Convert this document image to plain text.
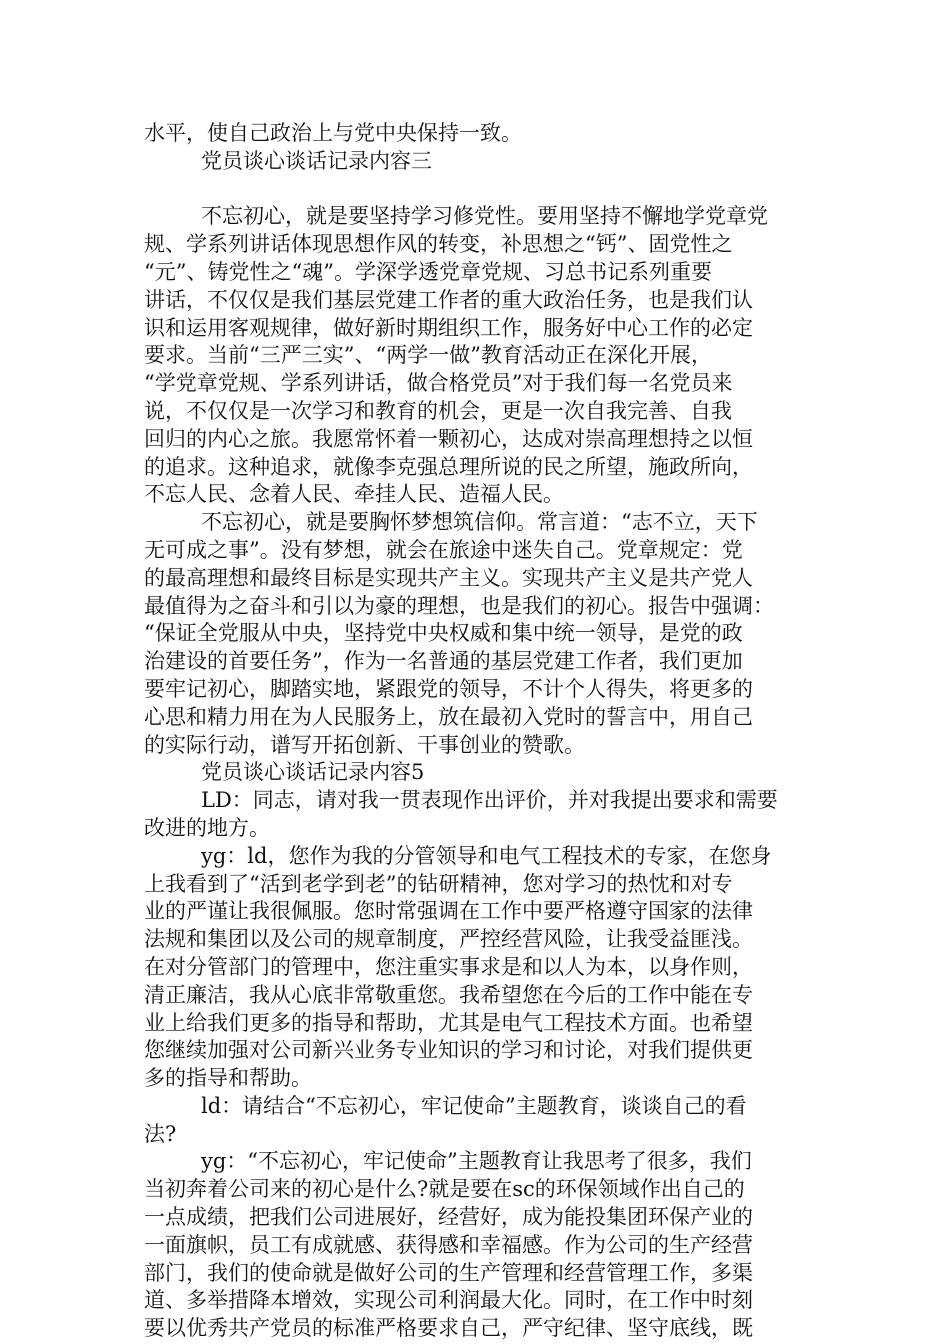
水平，使自己政治上与党中央保持一致。
党员谈心谈话记录内容三
不忘初心，就是要坚持学习修党性。要用坚持不懈地学党章党
规、学系列讲话体现思想作风的转变，补思想之“钙”、固党性之
“元”、铸党性之“魂”。学深学透党章党规、习总书记系列重要
讲话，不仅仅是我们基层党建工作者的重大政治任务，也是我们认
识和运用客观规律，做好新时期组织工作，服务好中心工作的必定
要求。当前“三严三实”、“两学一做”教育活动正在深化开展，
“学党章党规、学系列讲话，做合格党员”对于我们每一名党员来
说，不仅仅是一次学习和教育的机会，更是一次自我完善、自我
回归的内心之旅。我愿常怀着一颗初心，达成对崇高理想持之以恒
的追求。这种追求，就像李克强总理所说的民之所望，施政所向，
不忘人民、念着人民、牵挂人民、造福人民。
不忘初心，就是要胸怀梦想筑信仰。常言道：“志不立，天下
无可成之事”。没有梦想，就会在旅途中迷失自己。党章规定：党
的最高理想和最终目标是实现共产主义。实现共产主义是共产党人
最值得为之奋斗和引以为豪的理想，也是我们的初心。报告中强调：
“保证全党服从中央，坚持党中央权威和集中统一领导，是党的政
治建设的首要任务”，作为一名普通的基层党建工作者，我们更加
要牢记初心，脚踏实地，紧跟党的领导，不计个人得失，将更多的
心思和精力用在为人民服务上，放在最初入党时的誓言中，用自己
的实际行动，谱写开拓创新、干事创业的赞歌。
党员谈心谈话记录内容5
LD：同志，请对我一贯表现作出评价，并对我提出要求和需要
改进的地方。
yg：ld，您作为我的分管领导和电气工程技术的专家，在您身
上我看到了“活到老学到老”的钻研精神，您对学习的热忱和对专
业的严谨让我很佩服。您时常强调在工作中要严格遵守国家的法律
法规和集团以及公司的规章制度，严控经营风险，让我受益匪浅。
在对分管部门的管理中，您注重实事求是和以人为本，以身作则，
清正廉洁，我从心底非常敬重您。我希望您在今后的工作中能在专
业上给我们更多的指导和帮助，尤其是电气工程技术方面。也希望
您继续加强对公司新兴业务专业知识的学习和讨论，对我们提供更
多的指导和帮助。
ld：请结合“不忘初心，牢记使命”主题教育，谈谈自己的看
法?
yg：“不忘初心，牢记使命”主题教育让我思考了很多，我们
当初奔着公司来的初心是什么?就是要在sc的环保领域作出自己的
一点成绩，把我们公司进展好，经营好，成为能投集团环保产业的
一面旗帜，员工有成就感、获得感和幸福感。作为公司的生产经营
部门，我们的使命就是做好公司的生产管理和经营管理工作，多渠
道、多举措降本增效，实现公司利润最大化。同时，在工作中时刻
要以优秀共产党员的标准严格要求自己，严守纪律、坚守底线，既
